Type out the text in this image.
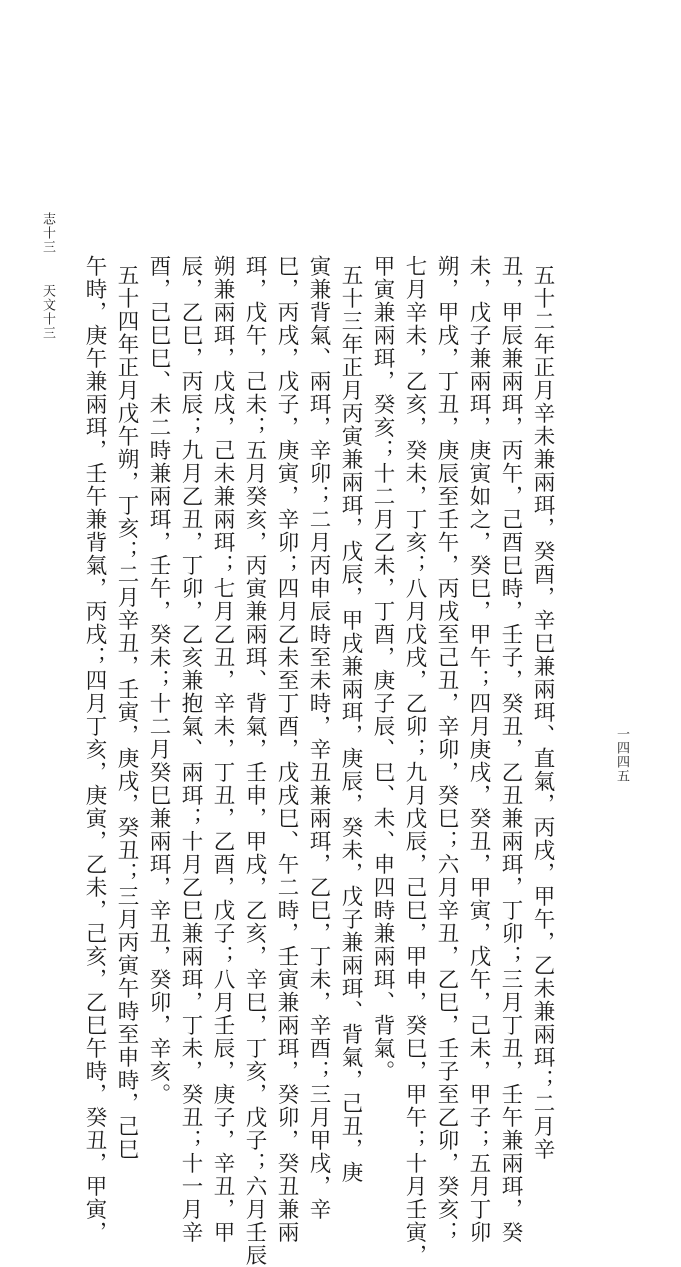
五十二年正月辛未兼兩珥，癸酉，辛巳兼兩珥、直氣，丙戌，甲午，乙未兼兩珥；二月辛
丑，甲辰兼兩珥，丙午，己酉巳時，壬子，癸丑，乙丑兼兩珥，丁卯；三月丁丑，壬午兼兩珥，癸
未，戊子兼兩珥，庚寅如之，癸巳，甲午；四月庚戌，癸丑，甲寅，戊午，己未，甲子；五月丁卯
朔，甲戌，丁丑，庚辰至壬午，丙戌至己丑，辛卯，癸巳；六月辛丑，乙巳，壬子至乙卯，癸亥；
七月辛未，乙亥，癸未，丁亥；八月戊戌，乙卯；九月戊辰，己巳，甲申，癸巳，甲午；十月壬寅，
甲寅兼兩珥，癸亥；十二月乙未，丁酉，庚子辰、巳、未、申四時兼兩珥、背氣。
五十三年正月丙寅兼兩珥，戊辰，甲戌兼兩珥，庚辰，癸未，戊子兼兩珥、背氣，己丑，庚
寅兼背氣、兩珥，辛卯；二月丙申辰時至未時，辛丑兼兩珥，乙巳，丁未，辛酉；三月甲戌，辛
巳，丙戌，戊子，庚寅，辛卯；四月乙未至丁酉，戊戌巳、午二時，壬寅兼兩珥，癸卯，癸丑兼兩
珥，戊午，己未；五月癸亥，丙寅兼兩珥、背氣，壬申，甲戌，乙亥，辛巳，丁亥，戊子；六月壬辰
朔兼兩珥，戊戌，己未兼兩珥；七月乙丑，辛未，丁丑，乙酉，戊子；八月壬辰，庚子，辛丑，甲
辰，乙巳，丙辰；九月乙丑，丁卯，乙亥兼抱氣、兩珥；十月乙巳兼兩珥，丁未，癸丑；十一月辛
酉，己巳巳、未二時兼兩珥，壬午，癸未；十二月癸巳兼兩珥，辛丑，癸卯，辛亥。
五十四年正月戊午朔，丁亥；二月辛丑，壬寅，庚戌，癸丑；三月丙寅午時至申時，己巳
午時，庚午兼兩珥，壬午兼背氣，丙戌；四月丁亥，庚寅，乙未，己亥，乙巳午時，癸丑，甲寅，
志十三
天文十三
一四四五
